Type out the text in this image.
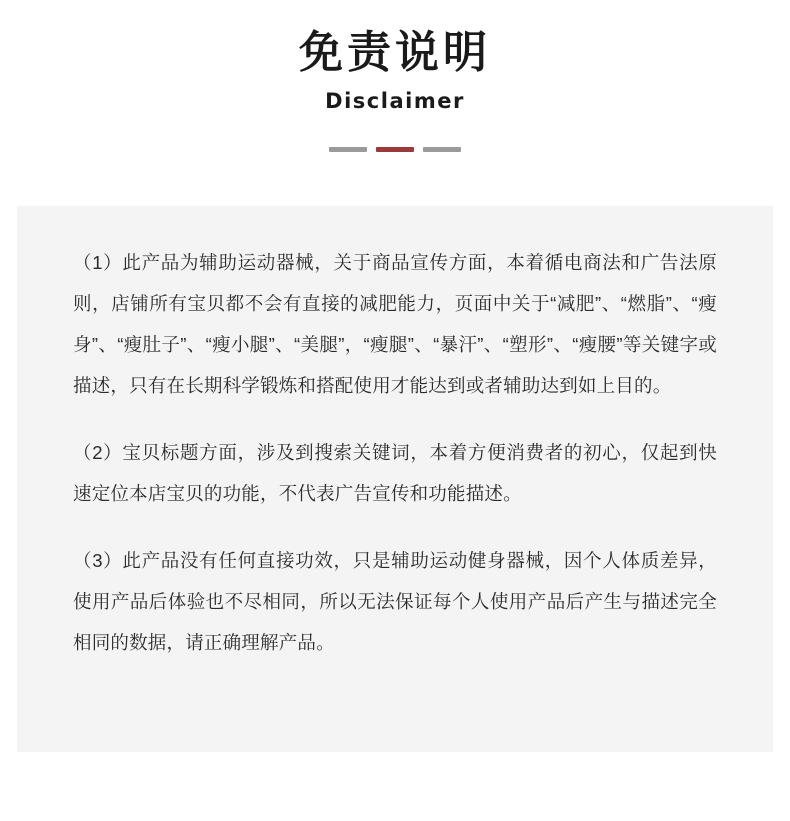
免责说明

Disclaimer

（1）此产品为辅助运动器械，关于商品宣传方面，本着循电商法和广告法原则，店铺所有宝贝都不会有直接的减肥能力，页面中关于“减肥”、“燃脂”、“瘦身”、“瘦肚子”、“瘦小腿”、“美腿”，“瘦腿”、“暴汗”、“塑形”、“瘦腰”等关键字或描述，只有在长期科学锻炼和搭配使用才能达到或者辅助达到如上目的。

（2）宝贝标题方面，涉及到搜索关键词，本着方便消费者的初心，仅起到快速定位本店宝贝的功能，不代表广告宣传和功能描述。

（3）此产品没有任何直接功效，只是辅助运动健身器械，因个人体质差异，使用产品后体验也不尽相同，所以无法保证每个人使用产品后产生与描述完全相同的数据，请正确理解产品。
